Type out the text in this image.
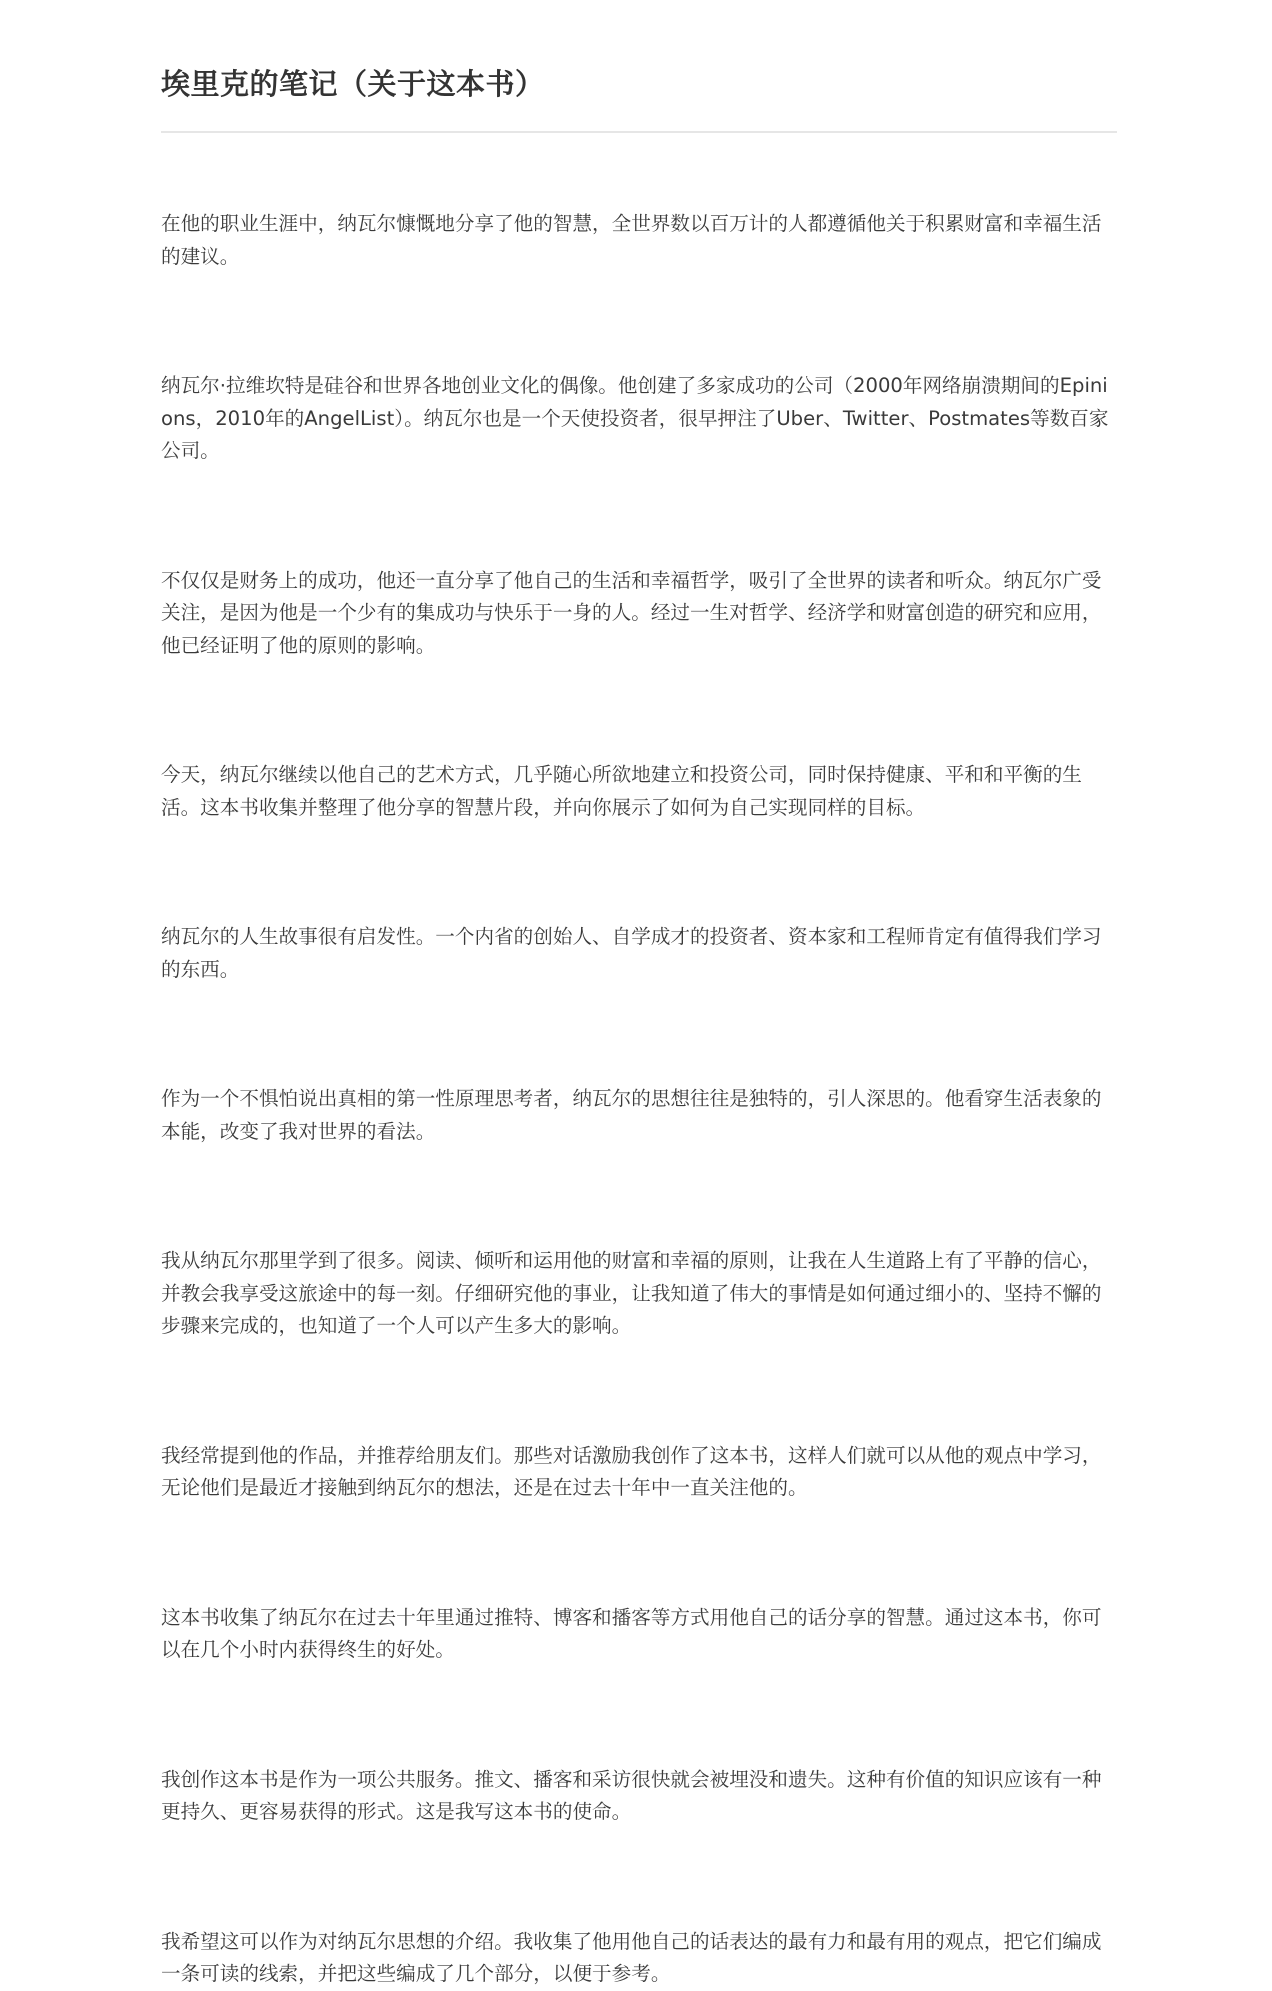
埃里克的笔记（关于这本书）

在他的职业生涯中，纳瓦尔慷慨地分享了他的智慧，全世界数以百万计的人都遵循他关于积累财富和幸福生活的建议。

纳瓦尔·拉维坎特是硅谷和世界各地创业文化的偶像。他创建了多家成功的公司（2000年网络崩溃期间的Epinions，2010年的AngelList）。纳瓦尔也是一个天使投资者，很早押注了Uber、Twitter、Postmates等数百家公司。

不仅仅是财务上的成功，他还一直分享了他自己的生活和幸福哲学，吸引了全世界的读者和听众。纳瓦尔广受关注，是因为他是一个少有的集成功与快乐于一身的人。经过一生对哲学、经济学和财富创造的研究和应用，他已经证明了他的原则的影响。

今天，纳瓦尔继续以他自己的艺术方式，几乎随心所欲地建立和投资公司，同时保持健康、平和和平衡的生活。这本书收集并整理了他分享的智慧片段，并向你展示了如何为自己实现同样的目标。

纳瓦尔的人生故事很有启发性。一个内省的创始人、自学成才的投资者、资本家和工程师肯定有值得我们学习的东西。

作为一个不惧怕说出真相的第一性原理思考者，纳瓦尔的思想往往是独特的，引人深思的。他看穿生活表象的本能，改变了我对世界的看法。

我从纳瓦尔那里学到了很多。阅读、倾听和运用他的财富和幸福的原则，让我在人生道路上有了平静的信心，并教会我享受这旅途中的每一刻。仔细研究他的事业，让我知道了伟大的事情是如何通过细小的、坚持不懈的步骤来完成的，也知道了一个人可以产生多大的影响。

我经常提到他的作品，并推荐给朋友们。那些对话激励我创作了这本书，这样人们就可以从他的观点中学习，无论他们是最近才接触到纳瓦尔的想法，还是在过去十年中一直关注他的。

这本书收集了纳瓦尔在过去十年里通过推特、博客和播客等方式用他自己的话分享的智慧。通过这本书，你可以在几个小时内获得终生的好处。

我创作这本书是作为一项公共服务。推文、播客和采访很快就会被埋没和遗失。这种有价值的知识应该有一种更持久、更容易获得的形式。这是我写这本书的使命。

我希望这可以作为对纳瓦尔思想的介绍。我收集了他用他自己的话表达的最有力和最有用的观点，把它们编成一条可读的线索，并把这些编成了几个部分，以便于参考。
